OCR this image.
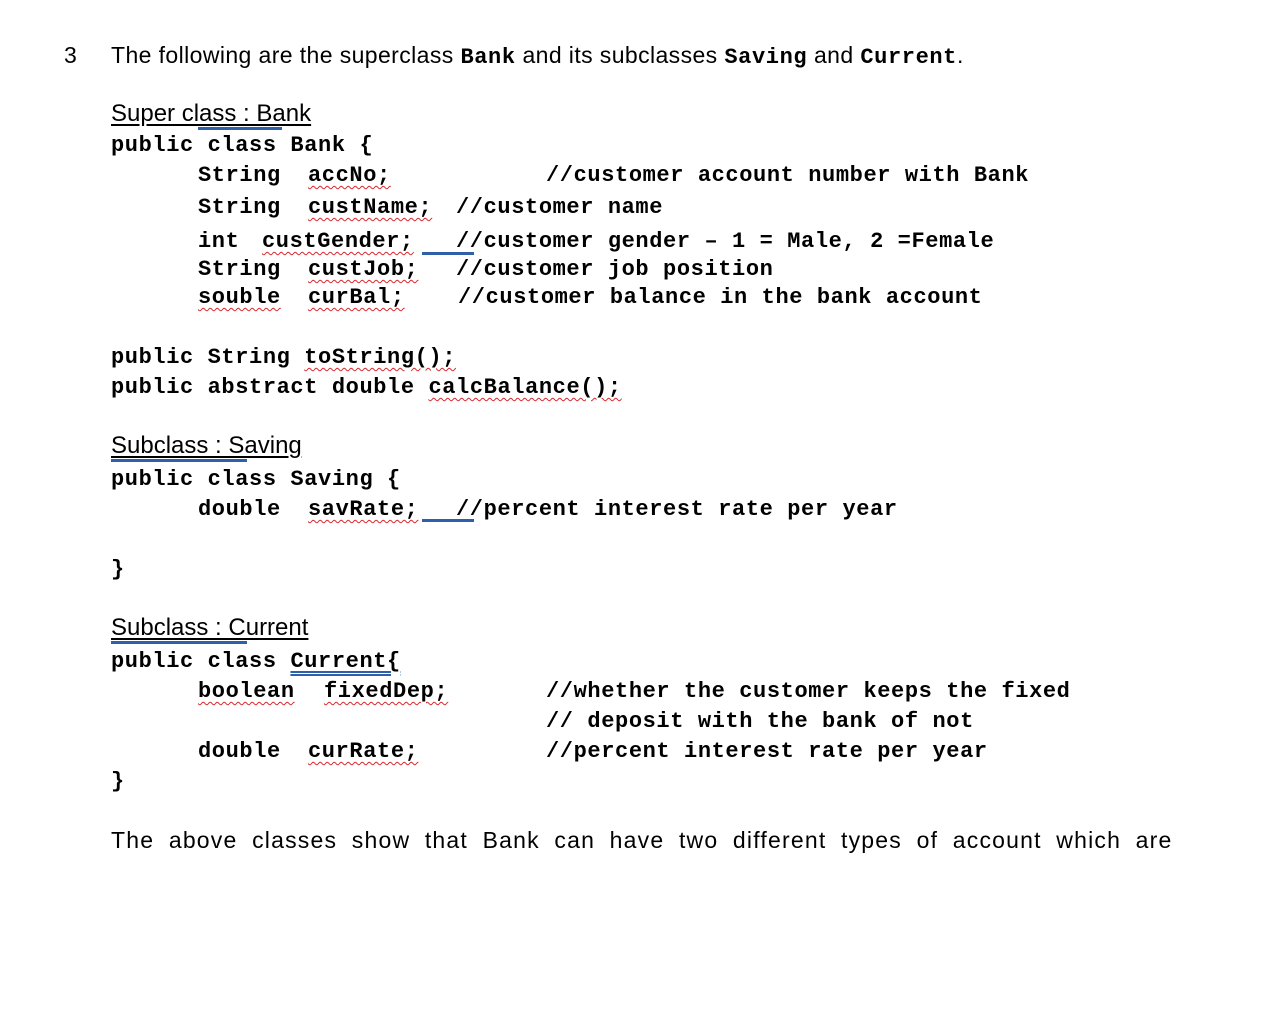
3 The following are the superclass Bank and its subclasses Saving and Current.
Super class : Bank
public class Bank {
String accNo;	//customer account number with Bank
String custName; //customer name
int custGender; //customer gender – 1 = Male, 2 =Female
String custJob; //customer job position
souble curBal; //customer balance in the bank account
public String toString();
public abstract double calcBalance();
Subclass : Saving
public class Saving {
double savRate; //percent interest rate per year
}
Subclass : Current
public class Current{
boolean fixedDep;	//whether the customer keeps the fixed
// deposit with the bank of not
double curRate;	//percent interest rate per year
}
The above classes show that Bank can have two different types of account which are
